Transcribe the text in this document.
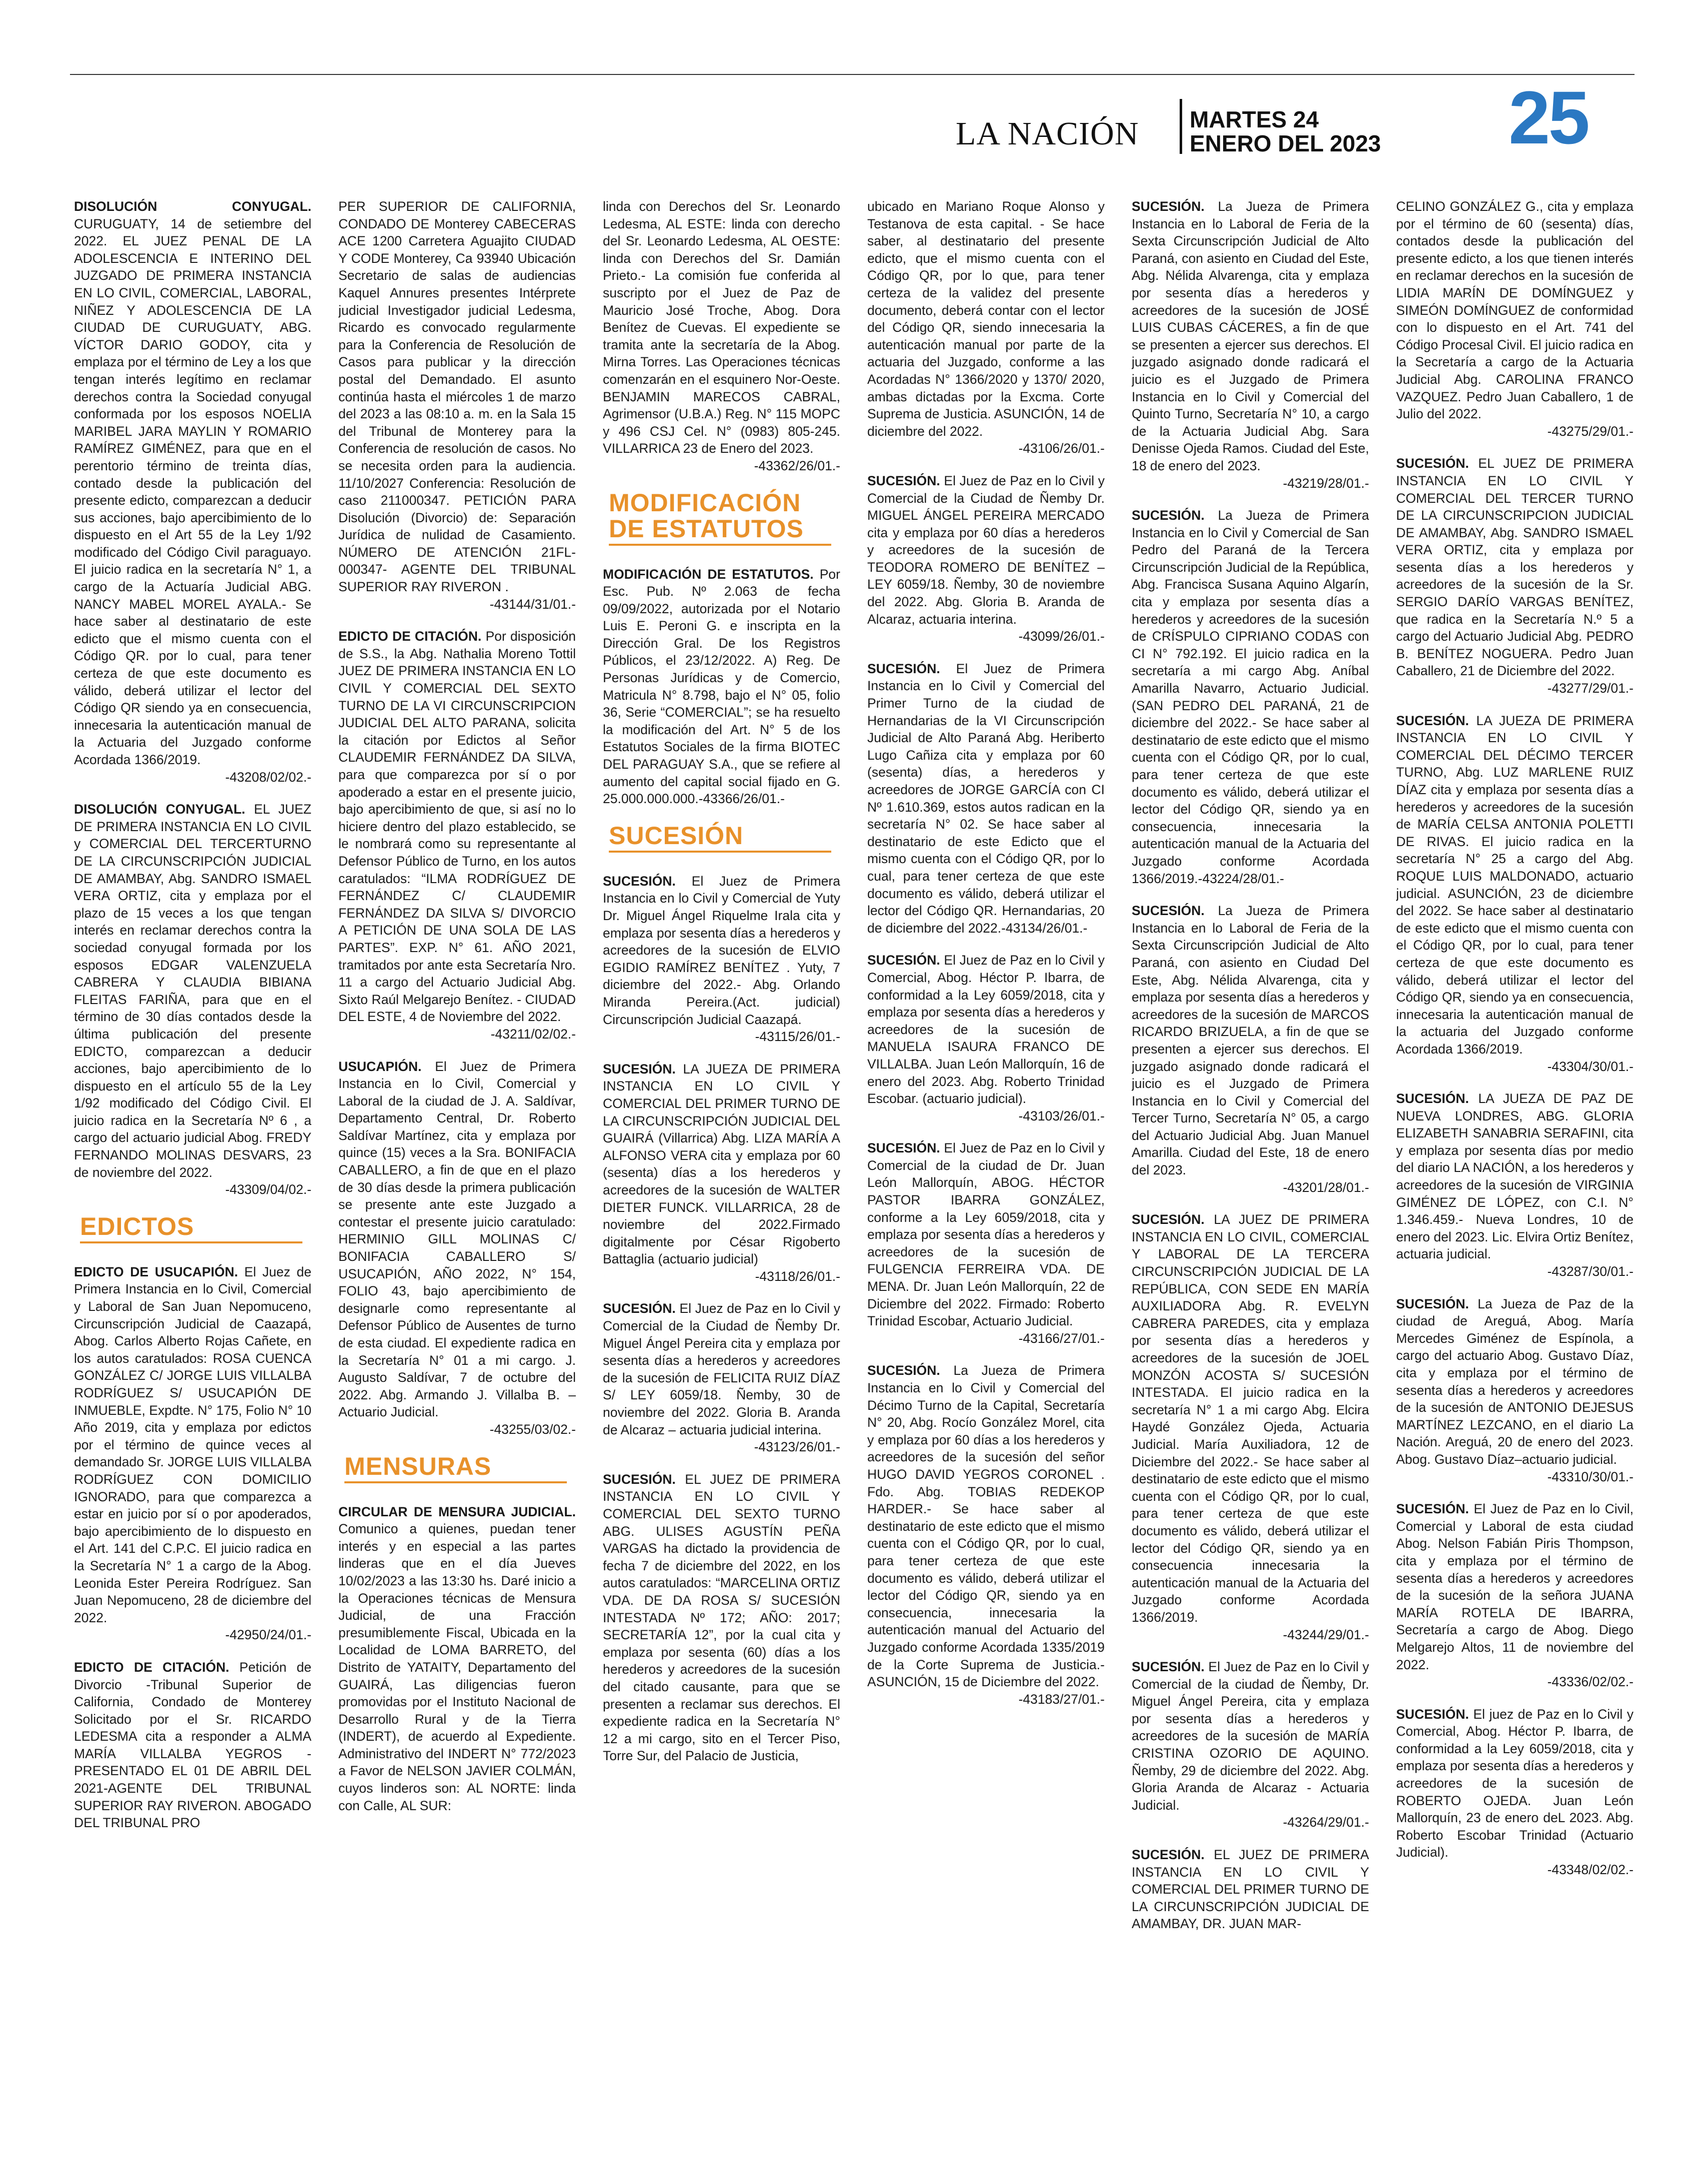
LA NACIÓN MARTES 24
ENERO DEL 2023 25
DISOLUCIÓN CONYUGAL. CURUGUATY, 14 de setiembre del 2022. EL JUEZ PENAL DE LA ADOLESCENCIA E INTERINO DEL JUZGADO DE PRIMERA INSTANCIA EN LO CIVIL, COMERCIAL, LABORAL, NIÑEZ Y ADOLESCENCIA DE LA CIUDAD DE CURUGUATY, ABG. VÍCTOR DARIO GODOY, cita y emplaza por el término de Ley a los que tengan interés legítimo en reclamar derechos contra la Sociedad conyugal conformada por los esposos NOELIA MARIBEL JARA MAYLIN Y ROMARIO RAMÍREZ GIMÉNEZ, para que en el perentorio término de treinta días, contado desde la publicación del presente edicto, comparezcan a deducir sus acciones, bajo apercibimiento de lo dispuesto en el Art 55 de la Ley 1/92 modificado del Código Civil paraguayo. El juicio radica en la secretaría N° 1, a cargo de la Actuaría Judicial ABG. NANCY MABEL MOREL AYALA.- Se hace saber al destinatario de este edicto que el mismo cuenta con el Código QR. por lo cual, para tener certeza de que este documento es válido, deberá utilizar el lector del Código QR siendo ya en consecuencia, innecesaria la autenticación manual de la Actuaria del Juzgado conforme Acordada 1366/2019.
-43208/02/02.-
DISOLUCIÓN CONYUGAL. EL JUEZ DE PRIMERA INSTANCIA EN LO CIVIL y COMERCIAL DEL TERCERTURNO DE LA CIRCUNSCRIPCIÓN JUDICIAL DE AMAMBAY, Abg. SANDRO ISMAEL VERA ORTIZ, cita y emplaza por el plazo de 15 veces a los que tengan interés en reclamar derechos contra la sociedad conyugal formada por los esposos EDGAR VALENZUELA CABRERA Y CLAUDIA BIBIANA FLEITAS FARIÑA, para que en el término de 30 días contados desde la última publicación del presente EDICTO, comparezcan a deducir acciones, bajo apercibimiento de lo dispuesto en el artículo 55 de la Ley 1/92 modificado del Código Civil. El juicio radica en la Secretaría Nº 6 , a cargo del actuario judicial Abog. FREDY FERNANDO MOLINAS DESVARS, 23 de noviembre del 2022.
-43309/04/02.-
EDICTOS
EDICTO DE USUCAPIÓN. El Juez de Primera Instancia en lo Civil, Comercial y Laboral de San Juan Nepomuceno, Circunscripción Judicial de Caazapá, Abog. Carlos Alberto Rojas Cañete, en los autos caratulados: ROSA CUENCA GONZÁLEZ C/ JORGE LUIS VILLALBA RODRÍGUEZ S/ USUCAPIÓN DE INMUEBLE, Expdte. N° 175, Folio N° 10 Año 2019, cita y emplaza por edictos por el término de quince veces al demandado Sr. JORGE LUIS VILLALBA RODRÍGUEZ CON DOMICILIO IGNORADO, para que comparezca a estar en juicio por sí o por apoderados, bajo apercibimiento de lo dispuesto en el Art. 141 del C.P.C. El juicio radica en la Secretaría N° 1 a cargo de la Abog. Leonida Ester Pereira Rodríguez. San Juan Nepomuceno, 28 de diciembre del 2022.
-42950/24/01.-
EDICTO DE CITACIÓN. Petición de Divorcio -Tribunal Superior de California, Condado de Monterey Solicitado por el Sr. RICARDO LEDESMA cita a responder a ALMA MARÍA VILLALBA YEGROS -PRESENTADO EL 01 DE ABRIL DEL 2021-AGENTE DEL TRIBUNAL SUPERIOR RAY RIVERON. ABOGADO DEL TRIBUNAL PRO
PER SUPERIOR DE CALIFORNIA, CONDADO DE Monterey CABECERAS ACE 1200 Carretera Aguajito CIUDAD Y CODE Monterey, Ca 93940 Ubicación Secretario de salas de audiencias Kaquel Annures presentes Intérprete judicial Investigador judicial Ledesma, Ricardo es convocado regularmente para la Conferencia de Resolución de Casos para publicar y la dirección postal del Demandado. El asunto continúa hasta el miércoles 1 de marzo del 2023 a las 08:10 a. m. en la Sala 15 del Tribunal de Monterey para la Conferencia de resolución de casos. No se necesita orden para la audiencia. 11/10/2027 Conferencia: Resolución de caso 211000347. PETICIÓN PARA Disolución (Divorcio) de: Separación Jurídica de nulidad de Casamiento. NÚMERO DE ATENCIÓN 21FL-000347- AGENTE DEL TRIBUNAL SUPERIOR RAY RIVERON .
-43144/31/01.-
EDICTO DE CITACIÓN. Por disposición de S.S., la Abg. Nathalia Moreno Tottil JUEZ DE PRIMERA INSTANCIA EN LO CIVIL Y COMERCIAL DEL SEXTO TURNO DE LA VI CIRCUNSCRIPCION JUDICIAL DEL ALTO PARANA, solicita la citación por Edictos al Señor CLAUDEMIR FERNÁNDEZ DA SILVA, para que comparezca por sí o por apoderado a estar en el presente juicio, bajo apercibimiento de que, si así no lo hiciere dentro del plazo establecido, se le nombrará como su representante al Defensor Público de Turno, en los autos caratulados: “ILMA RODRÍGUEZ DE FERNÁNDEZ C/ CLAUDEMIR FERNÁNDEZ DA SILVA S/ DIVORCIO A PETICIÓN DE UNA SOLA DE LAS PARTES”. EXP. N° 61. AÑO 2021, tramitados por ante esta Secretaría Nro. 11 a cargo del Actuario Judicial Abg. Sixto Raúl Melgarejo Benítez. - CIUDAD DEL ESTE, 4 de Noviembre del 2022.
-43211/02/02.-
USUCAPIÓN. El Juez de Primera Instancia en lo Civil, Comercial y Laboral de la ciudad de J. A. Saldívar, Departamento Central, Dr. Roberto Saldívar Martínez, cita y emplaza por quince (15) veces a la Sra. BONIFACIA CABALLERO, a fin de que en el plazo de 30 días desde la primera publicación se presente ante este Juzgado a contestar el presente juicio caratulado: HERMINIO GILL MOLINAS C/ BONIFACIA CABALLERO S/ USUCAPIÓN, AÑO 2022, N° 154, FOLIO 43, bajo apercibimiento de designarle como representante al Defensor Público de Ausentes de turno de esta ciudad. El expediente radica en la Secretaría N° 01 a mi cargo. J. Augusto Saldívar, 7 de octubre del 2022. Abg. Armando J. Villalba B. – Actuario Judicial.
-43255/03/02.-
MENSURAS
CIRCULAR DE MENSURA JUDICIAL. Comunico a quienes, puedan tener interés y en especial a las partes linderas que en el día Jueves 10/02/2023 a las 13:30 hs. Daré inicio a la Operaciones técnicas de Mensura Judicial, de una Fracción presumiblemente Fiscal, Ubicada en la Localidad de LOMA BARRETO, del Distrito de YATAITY, Departamento del GUAIRÁ, Las diligencias fueron promovidas por el Instituto Nacional de Desarrollo Rural y de la Tierra (INDERT), de acuerdo al Expediente. Administrativo del INDERT N° 772/2023 a Favor de NELSON JAVIER COLMÁN, cuyos linderos son: AL NORTE: linda con Calle, AL SUR:
linda con Derechos del Sr. Leonardo Ledesma, AL ESTE: linda con derecho del Sr. Leonardo Ledesma, AL OESTE: linda con Derechos del Sr. Damián Prieto.- La comisión fue conferida al suscripto por el Juez de Paz de Mauricio José Troche, Abog. Dora Benítez de Cuevas. El expediente se tramita ante la secretaría de la Abog. Mirna Torres. Las Operaciones técnicas comenzarán en el esquinero Nor-Oeste. BENJAMIN MARECOS CABRAL, Agrimensor (U.B.A.) Reg. N° 115 MOPC y 496 CSJ Cel. N° (0983) 805-245. VILLARRICA 23 de Enero del 2023.
-43362/26/01.-
MODIFICACIÓN DE ESTATUTOS
MODIFICACIÓN DE ESTATUTOS. Por Esc. Pub. Nº 2.063 de fecha 09/09/2022, autorizada por el Notario Luis E. Peroni G. e inscripta en la Dirección Gral. De los Registros Públicos, el 23/12/2022. A) Reg. De Personas Jurídicas y de Comercio, Matricula N° 8.798, bajo el N° 05, folio 36, Serie “COMERCIAL”; se ha resuelto la modificación del Art. N° 5 de los Estatutos Sociales de la firma BIOTEC DEL PARAGUAY S.A., que se refiere al aumento del capital social fijado en G. 25.000.000.000.-43366/26/01.-
SUCESIÓN
SUCESIÓN. El Juez de Primera Instancia en lo Civil y Comercial de Yuty Dr. Miguel Ángel Riquelme Irala cita y emplaza por sesenta días a herederos y acreedores de la sucesión de ELVIO EGIDIO RAMÍREZ BENÍTEZ . Yuty, 7 diciembre del 2022.- Abg. Orlando Miranda Pereira.(Act. judicial) Circunscripción Judicial Caazapá.
-43115/26/01.-
SUCESIÓN. LA JUEZA DE PRIMERA INSTANCIA EN LO CIVIL Y COMERCIAL DEL PRIMER TURNO DE LA CIRCUNSCRIPCIÓN JUDICIAL DEL GUAIRÁ (Villarrica) Abg. LIZA MARÍA A ALFONSO VERA cita y emplaza por 60 (sesenta) días a los herederos y acreedores de la sucesión de WALTER DIETER FUNCK. VILLARRICA, 28 de noviembre del 2022.Firmado digitalmente por César Rigoberto Battaglia (actuario judicial)
-43118/26/01.-
SUCESIÓN. El Juez de Paz en lo Civil y Comercial de la Ciudad de Ñemby Dr. Miguel Ángel Pereira cita y emplaza por sesenta días a herederos y acreedores de la sucesión de FELICITA RUIZ DÍAZ S/ LEY 6059/18. Ñemby, 30 de noviembre del 2022. Gloria B. Aranda de Alcaraz – actuaria judicial interina.
-43123/26/01.-
SUCESIÓN. EL JUEZ DE PRIMERA INSTANCIA EN LO CIVIL Y COMERCIAL DEL SEXTO TURNO ABG. ULISES AGUSTÍN PEÑA VARGAS ha dictado la providencia de fecha 7 de diciembre del 2022, en los autos caratulados: “MARCELINA ORTIZ VDA. DE DA ROSA S/ SUCESIÓN INTESTADA Nº 172; AÑO: 2017; SECRETARÍA 12”, por la cual cita y emplaza por sesenta (60) días a los herederos y acreedores de la sucesión del citado causante, para que se presenten a reclamar sus derechos. El expediente radica en la Secretaría N° 12 a mi cargo, sito en el Tercer Piso, Torre Sur, del Palacio de Justicia,
ubicado en Mariano Roque Alonso y Testanova de esta capital. - Se hace saber, al destinatario del presente edicto, que el mismo cuenta con el Código QR, por lo que, para tener certeza de la validez del presente documento, deberá contar con el lector del Código QR, siendo innecesaria la autenticación manual por parte de la actuaria del Juzgado, conforme a las Acordadas N° 1366/2020 y 1370/ 2020, ambas dictadas por la Excma. Corte Suprema de Justicia. ASUNCIÓN, 14 de diciembre del 2022.
-43106/26/01.-
SUCESIÓN. El Juez de Paz en lo Civil y Comercial de la Ciudad de Ñemby Dr. MIGUEL ÁNGEL PEREIRA MERCADO cita y emplaza por 60 días a herederos y acreedores de la sucesión de TEODORA ROMERO DE BENÍTEZ – LEY 6059/18. Ñemby, 30 de noviembre del 2022. Abg. Gloria B. Aranda de Alcaraz, actuaria interina.
-43099/26/01.-
SUCESIÓN. El Juez de Primera Instancia en lo Civil y Comercial del Primer Turno de la ciudad de Hernandarias de la VI Circunscripción Judicial de Alto Paraná Abg. Heriberto Lugo Cañiza cita y emplaza por 60 (sesenta) días, a herederos y acreedores de JORGE GARCÍA con CI Nº 1.610.369, estos autos radican en la secretaría N° 02. Se hace saber al destinatario de este Edicto que el mismo cuenta con el Código QR, por lo cual, para tener certeza de que este documento es válido, deberá utilizar el lector del Código QR. Hernandarias, 20 de diciembre del 2022.-43134/26/01.-
SUCESIÓN. El Juez de Paz en lo Civil y Comercial, Abog. Héctor P. Ibarra, de conformidad a la Ley 6059/2018, cita y emplaza por sesenta días a herederos y acreedores de la sucesión de MANUELA ISAURA FRANCO DE VILLALBA. Juan León Mallorquín, 16 de enero del 2023. Abg. Roberto Trinidad Escobar. (actuario judicial).
-43103/26/01.-
SUCESIÓN. El Juez de Paz en lo Civil y Comercial de la ciudad de Dr. Juan León Mallorquín, ABOG. HÉCTOR PASTOR IBARRA GONZÁLEZ, conforme a la Ley 6059/2018, cita y emplaza por sesenta días a herederos y acreedores de la sucesión de FULGENCIA FERREIRA VDA. DE MENA. Dr. Juan León Mallorquín, 22 de Diciembre del 2022. Firmado: Roberto Trinidad Escobar, Actuario Judicial.
-43166/27/01.-
SUCESIÓN. La Jueza de Primera Instancia en lo Civil y Comercial del Décimo Turno de la Capital, Secretaría N° 20, Abg. Rocío González Morel, cita y emplaza por 60 días a los herederos y acreedores de la sucesión del señor HUGO DAVID YEGROS CORONEL . Fdo. Abg. TOBIAS REDEKOP HARDER.- Se hace saber al destinatario de este edicto que el mismo cuenta con el Código QR, por lo cual, para tener certeza de que este documento es válido, deberá utilizar el lector del Código QR, siendo ya en consecuencia, innecesaria la autenticación manual del Actuario del Juzgado conforme Acordada 1335/2019 de la Corte Suprema de Justicia.- ASUNCIÓN, 15 de Diciembre del 2022.
-43183/27/01.-
SUCESIÓN. La Jueza de Primera Instancia en lo Laboral de Feria de la Sexta Circunscripción Judicial de Alto Paraná, con asiento en Ciudad del Este, Abg. Nélida Alvarenga, cita y emplaza por sesenta días a herederos y acreedores de la sucesión de JOSÉ LUIS CUBAS CÁCERES, a fin de que se presenten a ejercer sus derechos. El juzgado asignado donde radicará el juicio es el Juzgado de Primera Instancia en lo Civil y Comercial del Quinto Turno, Secretaría N° 10, a cargo de la Actuaria Judicial Abg. Sara Denisse Ojeda Ramos. Ciudad del Este, 18 de enero del 2023.
-43219/28/01.-
SUCESIÓN. La Jueza de Primera Instancia en lo Civil y Comercial de San Pedro del Paraná de la Tercera Circunscripción Judicial de la República, Abg. Francisca Susana Aquino Algarín, cita y emplaza por sesenta días a herederos y acreedores de la sucesión de CRÍSPULO CIPRIANO CODAS con CI N° 792.192. El juicio radica en la secretaría a mi cargo Abg. Aníbal Amarilla Navarro, Actuario Judicial. (SAN PEDRO DEL PARANÁ, 21 de diciembre del 2022.- Se hace saber al destinatario de este edicto que el mismo cuenta con el Código QR, por lo cual, para tener certeza de que este documento es válido, deberá utilizar el lector del Código QR, siendo ya en consecuencia, innecesaria la autenticación manual de la Actuaria del Juzgado conforme Acordada 1366/2019.-43224/28/01.-
SUCESIÓN. La Jueza de Primera Instancia en lo Laboral de Feria de la Sexta Circunscripción Judicial de Alto Paraná, con asiento en Ciudad Del Este, Abg. Nélida Alvarenga, cita y emplaza por sesenta días a herederos y acreedores de la sucesión de MARCOS RICARDO BRIZUELA, a fin de que se presenten a ejercer sus derechos. El juzgado asignado donde radicará el juicio es el Juzgado de Primera Instancia en lo Civil y Comercial del Tercer Turno, Secretaría N° 05, a cargo del Actuario Judicial Abg. Juan Manuel Amarilla. Ciudad del Este, 18 de enero del 2023.
-43201/28/01.-
SUCESIÓN. LA JUEZ DE PRIMERA INSTANCIA EN LO CIVIL, COMERCIAL Y LABORAL DE LA TERCERA CIRCUNSCRIPCIÓN JUDICIAL DE LA REPÚBLICA, CON SEDE EN MARÍA AUXILIADORA Abg. R. EVELYN CABRERA PAREDES, cita y emplaza por sesenta días a herederos y acreedores de la sucesión de JOEL MONZÓN ACOSTA S/ SUCESIÓN INTESTADA. El juicio radica en la secretaría N° 1 a mi cargo Abg. Elcira Haydé González Ojeda, Actuaria Judicial. María Auxiliadora, 12 de Diciembre del 2022.- Se hace saber al destinatario de este edicto que el mismo cuenta con el Código QR, por lo cual, para tener certeza de que este documento es válido, deberá utilizar el lector del Código QR, siendo ya en consecuencia innecesaria la autenticación manual de la Actuaria del Juzgado conforme Acordada 1366/2019.
-43244/29/01.-
SUCESIÓN. El Juez de Paz en lo Civil y Comercial de la ciudad de Ñemby, Dr. Miguel Ángel Pereira, cita y emplaza por sesenta días a herederos y acreedores de la sucesión de MARÍA CRISTINA OZORIO DE AQUINO. Ñemby, 29 de diciembre del 2022. Abg. Gloria Aranda de Alcaraz - Actuaria Judicial.
-43264/29/01.-
SUCESIÓN. EL JUEZ DE PRIMERA INSTANCIA EN LO CIVIL Y COMERCIAL DEL PRIMER TURNO DE LA CIRCUNSCRIPCIÓN JUDICIAL DE AMAMBAY, DR. JUAN MAR-
CELINO GONZÁLEZ G., cita y emplaza por el término de 60 (sesenta) días, contados desde la publicación del presente edicto, a los que tienen interés en reclamar derechos en la sucesión de LIDIA MARÍN DE DOMÍNGUEZ y SIMEÓN DOMÍNGUEZ de conformidad con lo dispuesto en el Art. 741 del Código Procesal Civil. El juicio radica en la Secretaría a cargo de la Actuaria Judicial Abg. CAROLINA FRANCO VAZQUEZ. Pedro Juan Caballero, 1 de Julio del 2022.
-43275/29/01.-
SUCESIÓN. EL JUEZ DE PRIMERA INSTANCIA EN LO CIVIL Y COMERCIAL DEL TERCER TURNO DE LA CIRCUNSCRIPCION JUDICIAL DE AMAMBAY, Abg. SANDRO ISMAEL VERA ORTIZ, cita y emplaza por sesenta días a los herederos y acreedores de la sucesión de la Sr. SERGIO DARÍO VARGAS BENÍTEZ, que radica en la Secretaría N.º 5 a cargo del Actuario Judicial Abg. PEDRO B. BENÍTEZ NOGUERA. Pedro Juan Caballero, 21 de Diciembre del 2022.
-43277/29/01.-
SUCESIÓN. LA JUEZA DE PRIMERA INSTANCIA EN LO CIVIL Y COMERCIAL DEL DÉCIMO TERCER TURNO, Abg. LUZ MARLENE RUIZ DÍAZ cita y emplaza por sesenta días a herederos y acreedores de la sucesión de MARÍA CELSA ANTONIA POLETTI DE RIVAS. El juicio radica en la secretaría N° 25 a cargo del Abg. ROQUE LUIS MALDONADO, actuario judicial. ASUNCIÓN, 23 de diciembre del 2022. Se hace saber al destinatario de este edicto que el mismo cuenta con el Código QR, por lo cual, para tener certeza de que este documento es válido, deberá utilizar el lector del Código QR, siendo ya en consecuencia, innecesaria la autenticación manual de la actuaria del Juzgado conforme Acordada 1366/2019.
-43304/30/01.-
SUCESIÓN. LA JUEZA DE PAZ DE NUEVA LONDRES, ABG. GLORIA ELIZABETH SANABRIA SERAFINI, cita y emplaza por sesenta días por medio del diario LA NACIÓN, a los herederos y acreedores de la sucesión de VIRGINIA GIMÉNEZ DE LÓPEZ, con C.I. N° 1.346.459.- Nueva Londres, 10 de enero del 2023. Lic. Elvira Ortiz Benítez, actuaria judicial.
-43287/30/01.-
SUCESIÓN. La Jueza de Paz de la ciudad de Areguá, Abog. María Mercedes Giménez de Espínola, a cargo del actuario Abog. Gustavo Díaz, cita y emplaza por el término de sesenta días a herederos y acreedores de la sucesión de ANTONIO DEJESUS MARTÍNEZ LEZCANO, en el diario La Nación. Areguá, 20 de enero del 2023. Abog. Gustavo Díaz–actuario judicial.
-43310/30/01.-
SUCESIÓN. El Juez de Paz en lo Civil, Comercial y Laboral de esta ciudad Abog. Nelson Fabián Piris Thompson, cita y emplaza por el término de sesenta días a herederos y acreedores de la sucesión de la señora JUANA MARÍA ROTELA DE IBARRA, Secretaría a cargo de Abog. Diego Melgarejo Altos, 11 de noviembre del 2022.
-43336/02/02.-
SUCESIÓN. El juez de Paz en lo Civil y Comercial, Abog. Héctor P. Ibarra, de conformidad a la Ley 6059/2018, cita y emplaza por sesenta días a herederos y acreedores de la sucesión de ROBERTO OJEDA. Juan León Mallorquín, 23 de enero deL 2023. Abg. Roberto Escobar Trinidad (Actuario Judicial).
-43348/02/02.-
